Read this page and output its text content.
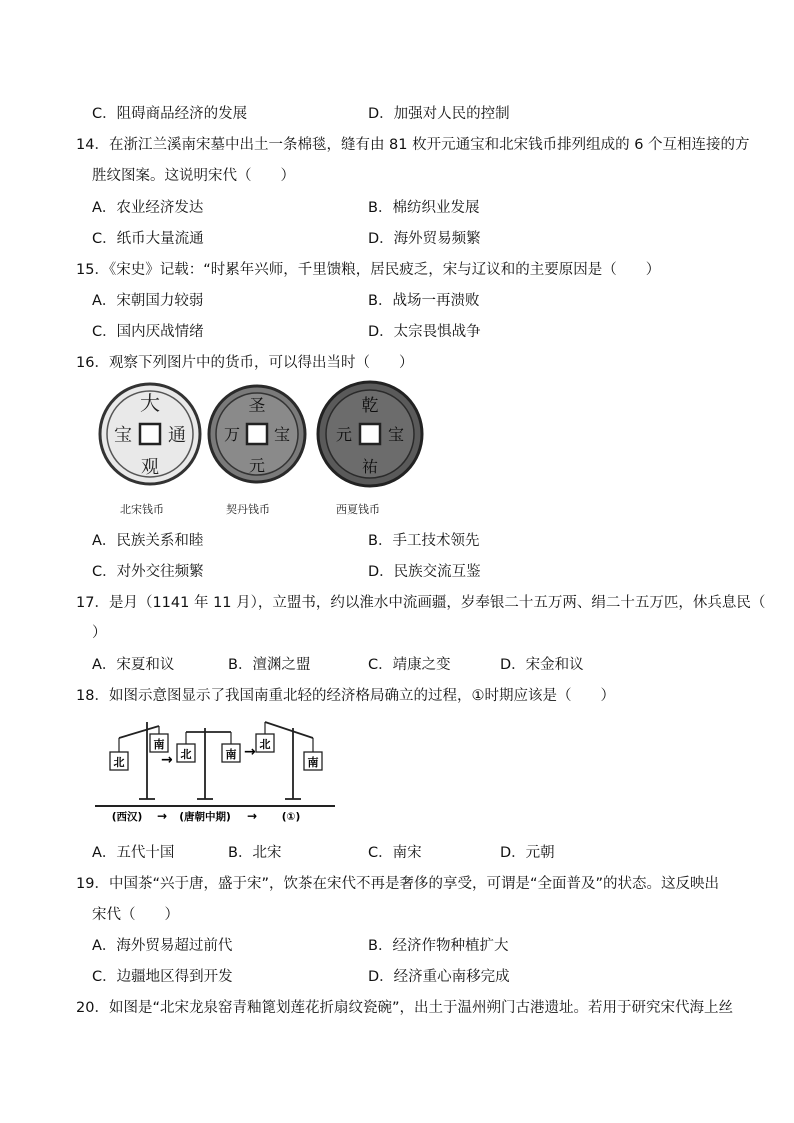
C．阻碍商品经济的发展	D．加强对人民的控制
14．在浙江兰溪南宋墓中出土一条棉毯，缝有由 81 枚开元通宝和北宋钱币排列组成的 6 个互相连接的方
胜纹图案。这说明宋代（　　）
A．农业经济发达	B．棉纺织业发展
C．纸币大量流通	D．海外贸易频繁
15．《宋史》记载：“时累年兴师，千里馈粮，居民疲乏，宋与辽议和的主要原因是（　　）
A．宋朝国力较弱	B．战场一再溃败
C．国内厌战情绪	D．太宗畏惧战争
16．观察下列图片中的货币，可以得出当时（　　）
大
通
观
宝
圣
宝
元
万
乾
宝
祐
元
北宋钱币	契丹钱币	西夏钱币
A．民族关系和睦	B．手工技术领先
C．对外交往频繁	D．民族交流互鉴
17．是月（1141 年 11 月），立盟书，约以淮水中流画疆，岁奉银二十五万两、绢二十五万匹，休兵息民（
）
A．宋夏和议	B．澶渊之盟	C．靖康之变	D．宋金和议
18．如图示意图显示了我国南重北轻的经济格局确立的过程，①时期应该是（　　）
北
南
→ 北	南 → 北
南
(西汉) → (唐朝中期) → (①)
A．五代十国	B．北宋	C．南宋	D．元朝
19．中国茶“兴于唐，盛于宋”，饮茶在宋代不再是奢侈的享受，可谓是“全面普及”的状态。这反映出
宋代（　　）
A．海外贸易超过前代	B．经济作物种植扩大
C．边疆地区得到开发	D．经济重心南移完成
20．如图是“北宋龙泉窑青釉篦划莲花折扇纹瓷碗”，出土于温州朔门古港遗址。若用于研究宋代海上丝
